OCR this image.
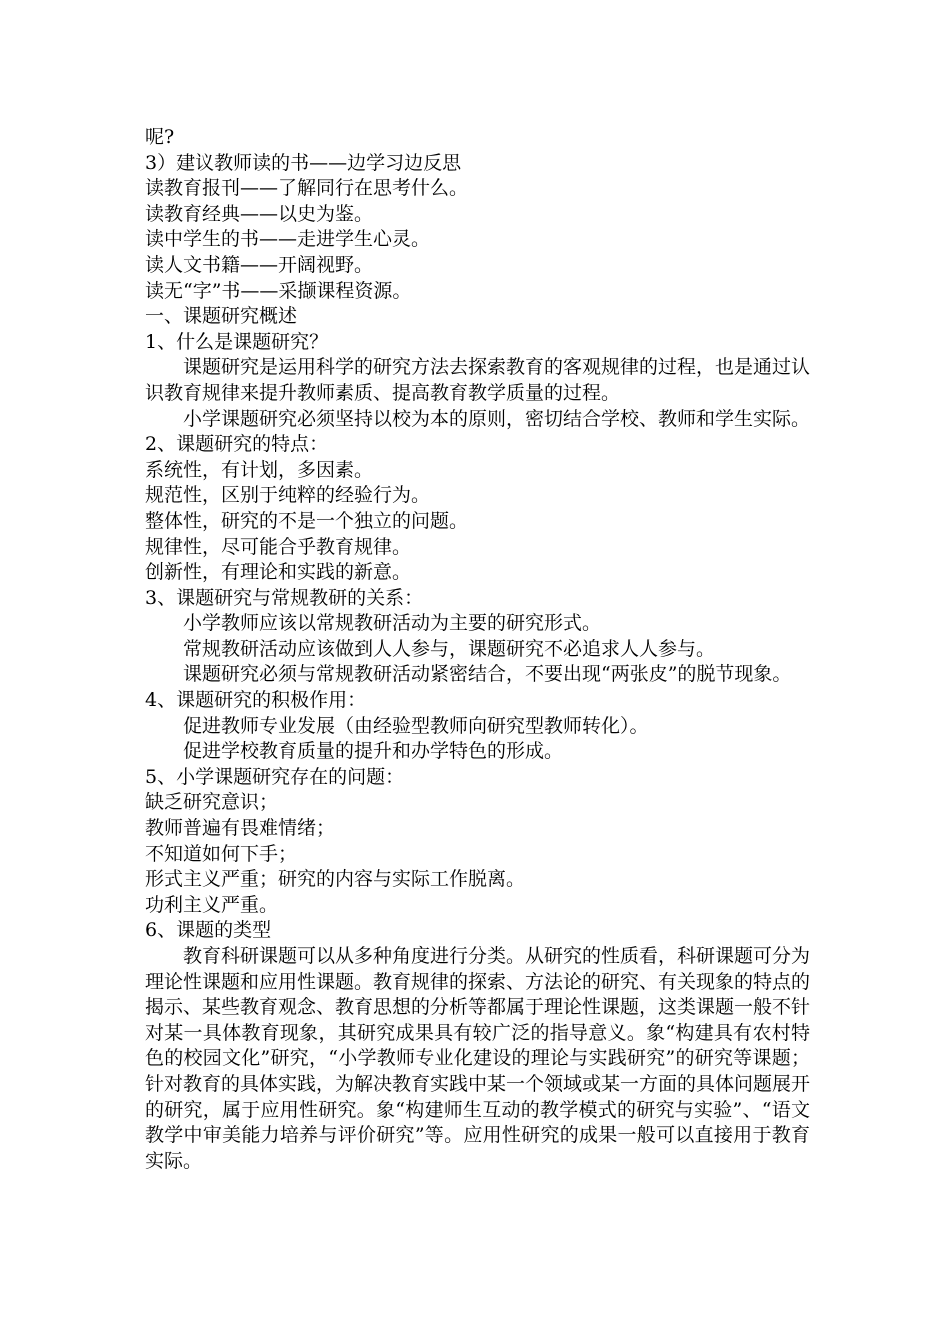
呢?

3）建议教师读的书——边学习边反思

读教育报刊——了解同行在思考什么。

读教育经典——以史为鉴。

读中学生的书——走进学生心灵。

读人文书籍——开阔视野。

读无“字”书——采撷课程资源。

一、课题研究概述

1、什么是课题研究？

课题研究是运用科学的研究方法去探索教育的客观规律的过程，也是通过认识教育规律来提升教师素质、提高教育教学质量的过程。

小学课题研究必须坚持以校为本的原则，密切结合学校、教师和学生实际。

2、课题研究的特点：

系统性，有计划，多因素。

规范性，区别于纯粹的经验行为。

整体性，研究的不是一个独立的问题。

规律性，尽可能合乎教育规律。

创新性，有理论和实践的新意。

3、课题研究与常规教研的关系：

小学教师应该以常规教研活动为主要的研究形式。

常规教研活动应该做到人人参与，课题研究不必追求人人参与。

课题研究必须与常规教研活动紧密结合，不要出现“两张皮”的脱节现象。

4、课题研究的积极作用：

促进教师专业发展（由经验型教师向研究型教师转化）。

促进学校教育质量的提升和办学特色的形成。

5、小学课题研究存在的问题：

缺乏研究意识；

教师普遍有畏难情绪；

不知道如何下手；

形式主义严重；研究的内容与实际工作脱离。

功利主义严重。

6、课题的类型

教育科研课题可以从多种角度进行分类。从研究的性质看，科研课题可分为理论性课题和应用性课题。教育规律的探索、方法论的研究、有关现象的特点的揭示、某些教育观念、教育思想的分析等都属于理论性课题，这类课题一般不针对某一具体教育现象，其研究成果具有较广泛的指导意义。象“构建具有农村特色的校园文化”研究，“小学教师专业化建设的理论与实践研究”的研究等课题；针对教育的具体实践，为解决教育实践中某一个领域或某一方面的具体问题展开的研究，属于应用性研究。象“构建师生互动的教学模式的研究与实验”、“语文教学中审美能力培养与评价研究”等。应用性研究的成果一般可以直接用于教育实际。
